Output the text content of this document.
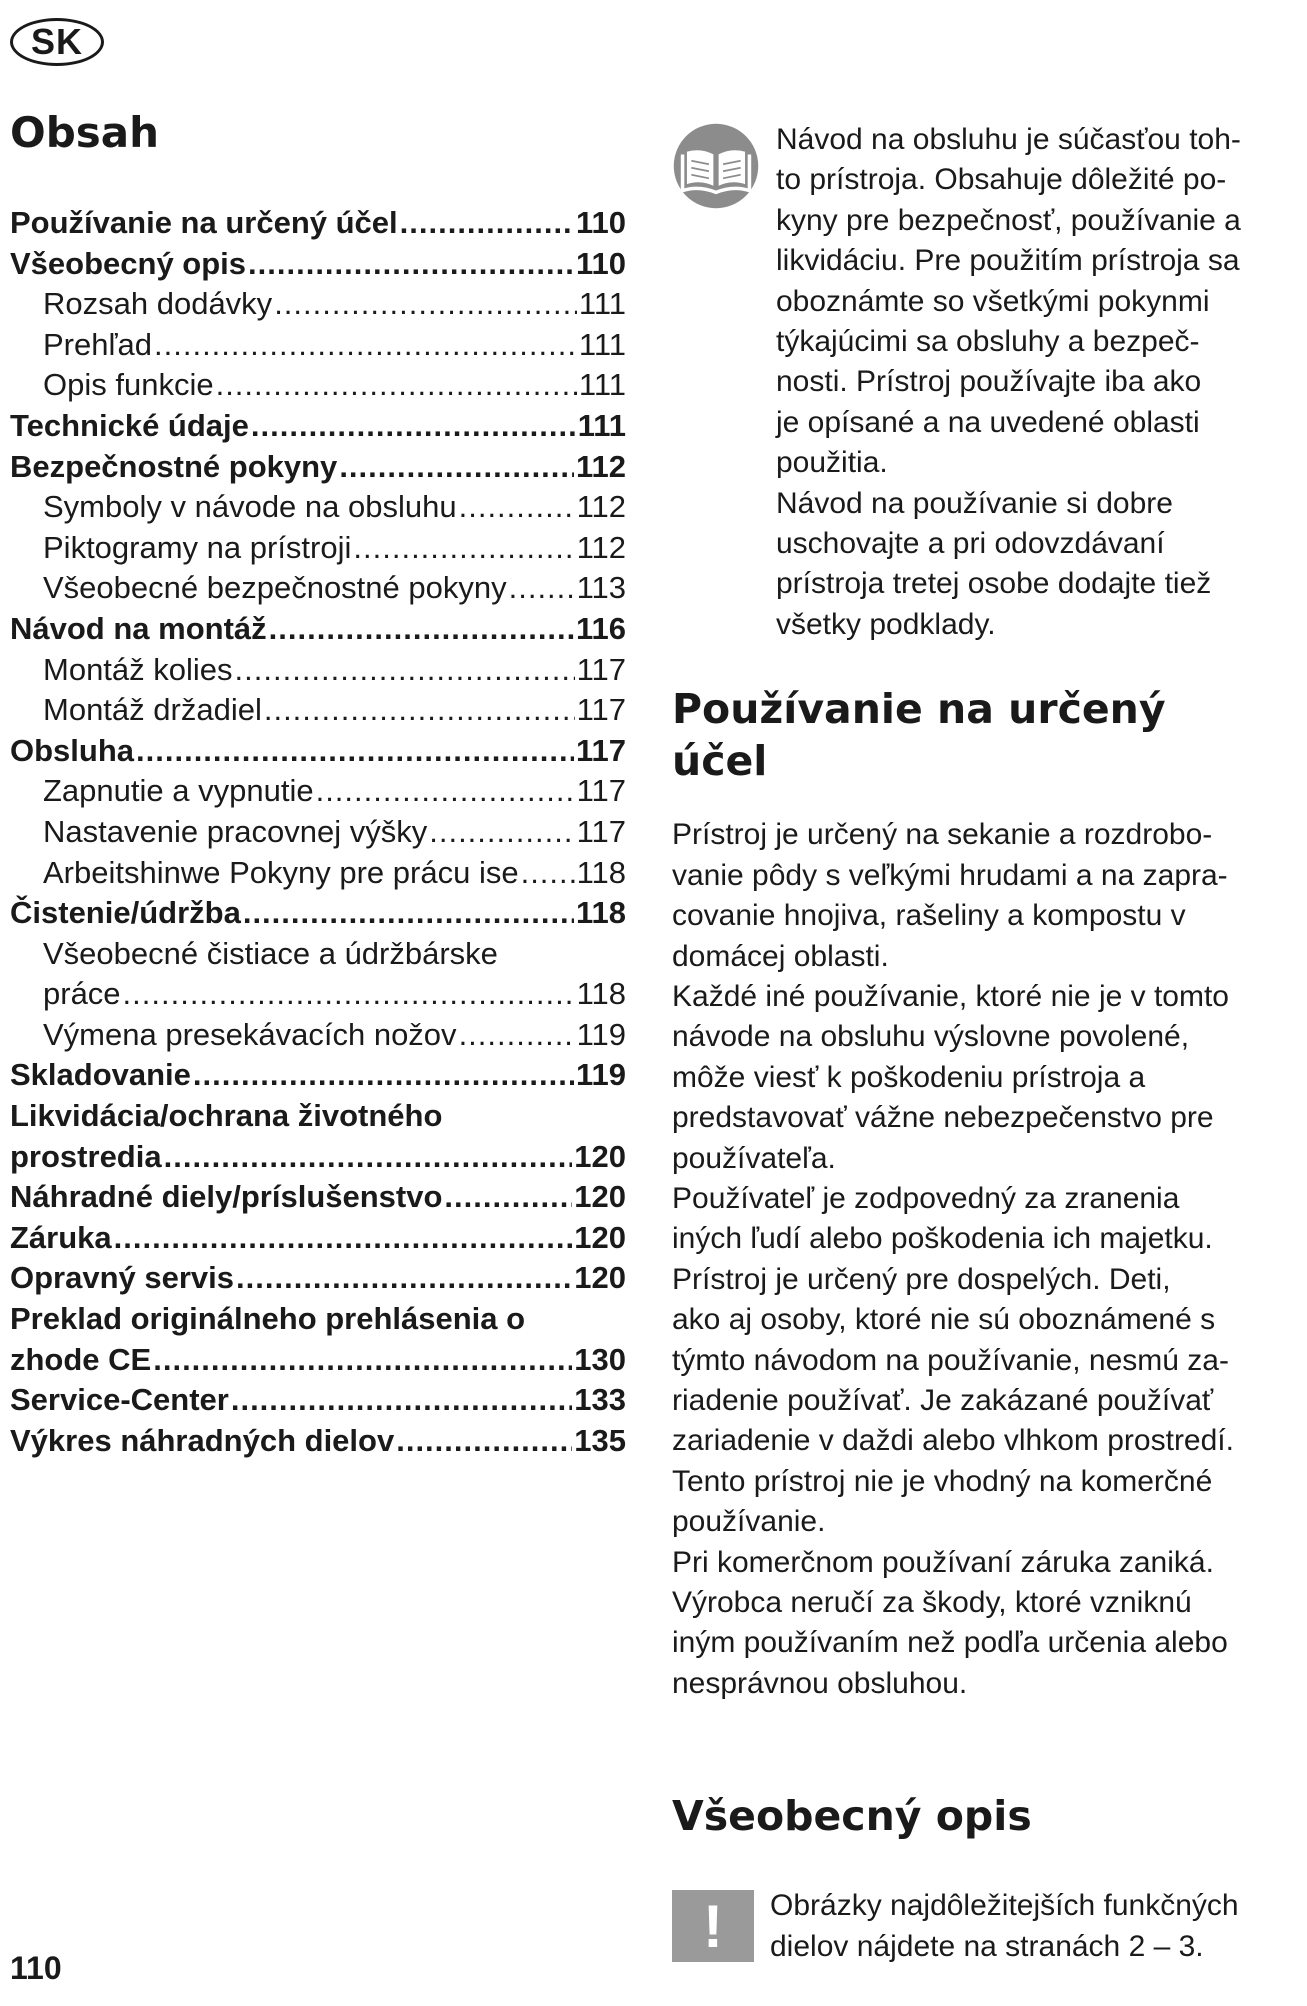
SK
Obsah
Používanie na určený účel .....	110
Všeobecný opis .....	110
Rozsah dodávky .....	111
Prehľad .....	111
Opis funkcie .....	111
Technické údaje .....	111
Bezpečnostné pokyny .....	112
Symboly v návode na obsluhu .....	112
Piktogramy na prístroji .....	112
Všeobecné bezpečnostné pokyny ..... 113
Návod na montáž .....	116
Montáž kolies .....	117
Montáž držadiel .....	117
Obsluha .....	117
Zapnutie a vypnutie .....	117
Nastavenie pracovnej výšky .....	117
Arbeitshinwe Pokyny pre prácu ise ..... 118
Čistenie/údržba .....	118
Všeobecné čistiace a údržbárske
práce .....	118
Výmena presekávacích nožov .....	119
Skladovanie .....	119
Likvidácia/ochrana životného
prostredia .....	120
Náhradné diely/príslušenstvo .....	120
Záruka .....	120
Opravný servis .....	120
Preklad originálneho prehlásenia o
zhode CE .....	130
Service-Center .....	133
Výkres náhradných dielov .....	135

Návod na obsluhu je súčasťou toh-

to prístroja. Obsahuje dôležité po-

kyny pre bezpečnosť, používanie a

likvidáciu. Pre použitím prístroja sa

oboznámte so všetkými pokynmi

týkajúcimi sa obsluhy a bezpeč-

nosti. Prístroj používajte iba ako

je opísané a na uvedené oblasti

použitia.

Návod na používanie si dobre

uschovajte a pri odovzdávaní

prístroja tretej osobe dodajte tiež

všetky podklady.

Používanie na určený
účel

Prístroj je určený na sekanie a rozdrobo-

vanie pôdy s veľkými hrudami a na zapra-

covanie hnojiva, rašeliny a kompostu v

domácej oblasti.

Každé iné používanie, ktoré nie je v tomto

návode na obsluhu výslovne povolené,

môže viesť k poškodeniu prístroja a

predstavovať vážne nebezpečenstvo pre

používateľa.

Používateľ je zodpovedný za zranenia

iných ľudí alebo poškodenia ich majetku.

Prístroj je určený pre dospelých. Deti,

ako aj osoby, ktoré nie sú oboznámené s

týmto návodom na používanie, nesmú za-

riadenie používať. Je zakázané používať

zariadenie v daždi alebo vlhkom prostredí.

Tento prístroj nie je vhodný na komerčné

používanie.

Pri komerčnom používaní záruka zaniká.

Výrobca neručí za škody, ktoré vzniknú

iným používaním než podľa určenia alebo

nesprávnou obsluhou.

Všeobecný opis
!	Obrázky najdôležitejších funkčných

dielov nájdete na stranách 2 – 3.

110
